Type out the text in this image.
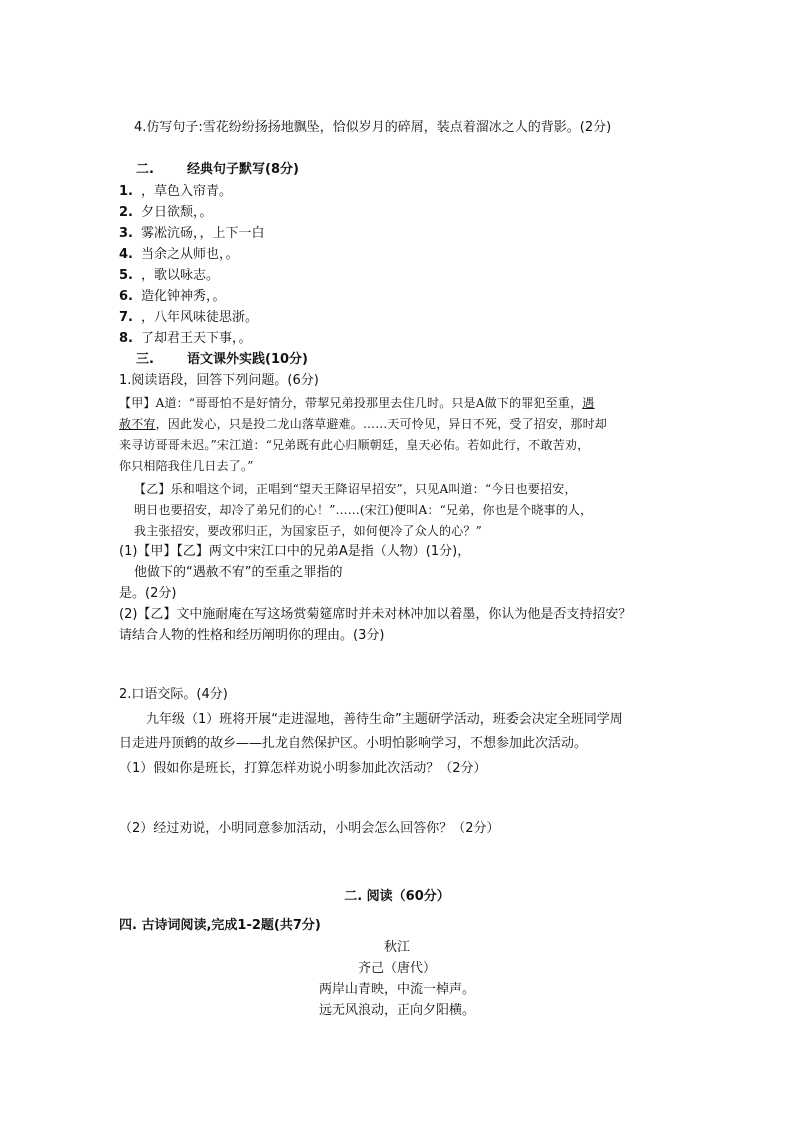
4.仿写句子:雪花纷纷扬扬地飘坠，恰似岁月的碎屑，装点着溜冰之人的背影。(2分)
二.	经典句子默写(8分)
1. ，草色入帘青。
2. 夕日欲颓，。
3. 雾凇沆砀，，上下一白
4. 当余之从师也，。
5. ，歌以咏志。
6. 造化钟神秀，。
7. ，八年风味徒思浙。
8. 了却君王天下事，。
三.	语文课外实践(10分)
1.阅读语段，回答下列问题。(6分)
【甲】A道：“哥哥怕不是好情分，带挈兄弟投那里去住几时。只是A做下的罪犯至重，遇
赦不宥，因此发心，只是投二龙山落草避难。……天可怜见，异日不死，受了招安，那时却
来寻访哥哥未迟。”宋江道：“兄弟既有此心归顺朝廷，皇天必佑。若如此行，不敢苦劝，
你只相陪我住几日去了。”
【乙】乐和唱这个词，正唱到“望天王降诏早招安”，只见A叫道：“今日也要招安，
明日也要招安，却冷了弟兄们的心！”……(宋江)便叫A：“兄弟，你也是个晓事的人，
我主张招安，要改邪归正，为国家臣子，如何便冷了众人的心？”
(1)【甲】【乙】两文中宋江口中的兄弟A是指（人物）(1分)，
他做下的“遇赦不宥”的至重之罪指的
是。(2分)
(2)【乙】文中施耐庵在写这场赏菊筵席时并未对林冲加以着墨，你认为他是否支持招安？
请结合人物的性格和经历阐明你的理由。(3分)
2.口语交际。(4分)
九年级（1）班将开展“走进湿地，善待生命”主题研学活动，班委会决定全班同学周
日走进丹顶鹤的故乡——扎龙自然保护区。小明怕影响学习，不想参加此次活动。
（1）假如你是班长，打算怎样劝说小明参加此次活动？（2分）
（2）经过劝说，小明同意参加活动，小明会怎么回答你？（2分）
二. 阅读（60分）
四. 古诗词阅读,完成1-2题(共7分)
秋江
齐己（唐代）
两岸山青映，中流一棹声。
远无风浪动，正向夕阳横。
